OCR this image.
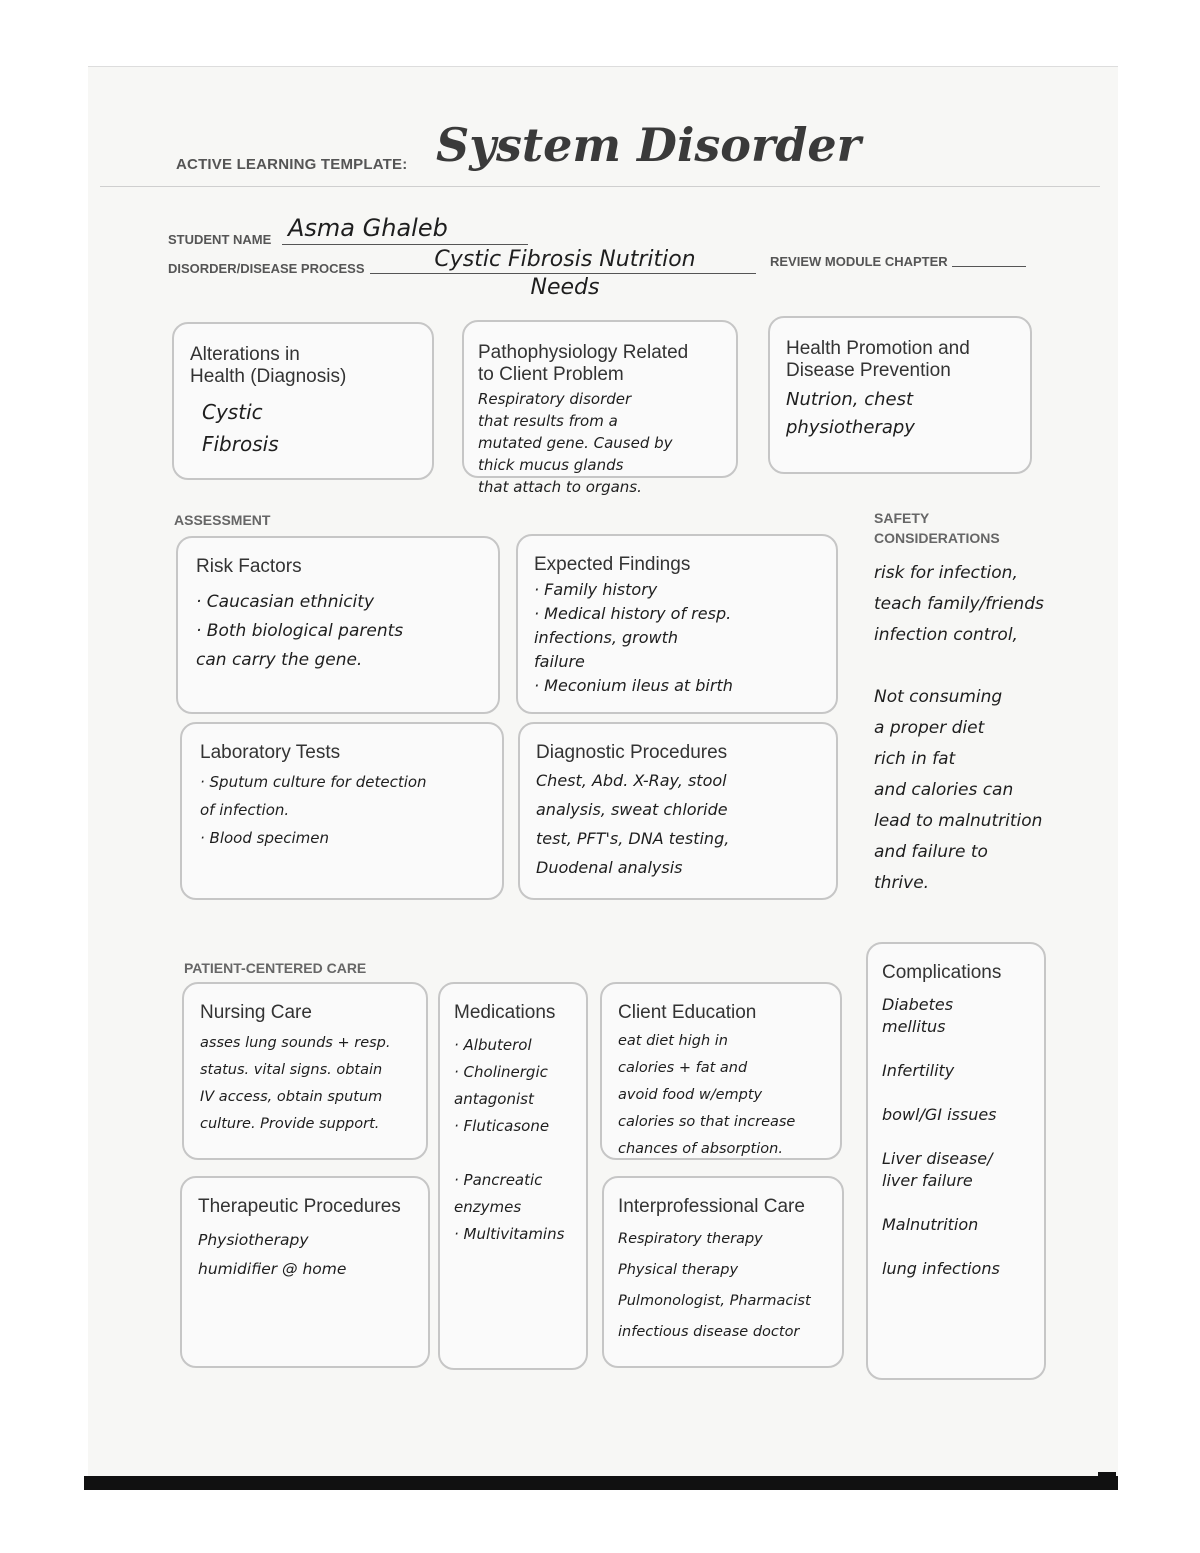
ACTIVE LEARNING TEMPLATE: System Disorder
STUDENT NAME Asma Ghaleb
DISORDER/DISEASE PROCESS	Cystic Fibrosis Nutrition
Needs
REVIEW MODULE CHAPTER
Alterations in
Health (Diagnosis)
Cystic
Fibrosis
Pathophysiology Related
to Client Problem
Respiratory disorder
that results from a
mutated gene. Caused by
thick mucus glands
that attach to organs.
Health Promotion and
Disease Prevention
Nutrion, chest
physiotherapy
ASSESSMENT
Risk Factors
· Caucasian ethnicity
· Both biological parents
can carry the gene.
Expected Findings
· Family history
· Medical history of resp.
infections, growth
failure
· Meconium ileus at birth
Laboratory Tests
· Sputum culture for detection
of infection.
· Blood specimen
Diagnostic Procedures
Chest, Abd. X-Ray, stool
analysis, sweat chloride
test, PFT's, DNA testing,
Duodenal analysis
SAFETY
CONSIDERATIONS
risk for infection,
teach family/friends
infection control,

Not consuming
a proper diet
rich in fat
and calories can
lead to malnutrition
and failure to
thrive.
PATIENT-CENTERED CARE
Nursing Care
asses lung sounds + resp.
status. vital signs. obtain
IV access, obtain sputum
culture. Provide support.
Medications
· Albuterol
· Cholinergic
antagonist
· Fluticasone

· Pancreatic
enzymes
· Multivitamins
Client Education
eat diet high in
calories + fat and
avoid food w/empty
calories so that increase
chances of absorption.
Therapeutic Procedures
Physiotherapy
humidifier @ home
Interprofessional Care
Respiratory therapy
Physical therapy
Pulmonologist, Pharmacist
infectious disease doctor
Complications
Diabetes
mellitus

Infertility

bowl/GI issues

Liver disease/
liver failure

Malnutrition

lung infections
